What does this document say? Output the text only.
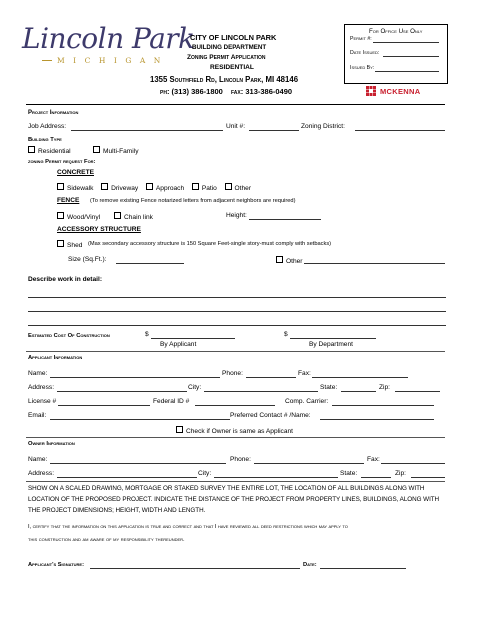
Lincoln Park
MICHIGAN
CITY OF LINCOLN PARK
BUILDING DEPARTMENT
Zoning Permit Application
RESIDENTIAL
1355 Southfield Rd, Lincoln Park, MI 48146
ph: (313) 386-1800 fax: 313-386-0490
For Office Use Only
Permit #:
Date Issued:
Issued By:
MCKENNA
Project Information
Job Address:	Unit #:	Zoning District:
Building Type
Residential	Multi-Family
zoning Permit request For:
CONCRETE
Sidewalk	Driveway	Approach	Patio	Other
FENCE (To remove existing Fence notarized letters from adjacent neighbors are required)
Wood/Vinyl	Chain link	Height:
ACCESSORY STRUCTURE
Shed (Max secondary accessory structure is 150 Square Feet-single story-must comply with setbacks)
Size (Sq.Ft.):	Other
Describe work in detail:
Estimated Cost Of Construction	$	$
By Applicant	By Department
Applicant Information
Name:	Phone:	Fax:
Address:	City:	State:	Zip:
License #	Federal ID #	Comp. Carrier:
Email:	Preferred Contact # /Name:
Check if Owner is same as Applicant
Owner Information
Name:	Phone:	Fax:
Address:	City:	State:	Zip:
SHOW ON A SCALED DRAWING, MORTGAGE OR STAKED SURVEY THE ENTIRE LOT, THE LOCATION OF ALL BUILDINGS ALONG WITH
LOCATION OF THE PROPOSED PROJECT. INDICATE THE DISTANCE OF THE PROJECT FROM PROPERTY LINES, BUILDINGS, ALONG WITH
THE PROJECT DIMENSIONS; HEIGHT, WIDTH AND LENGTH.
I, certify that the information on this application is true and correct and that I have reviewed all deed restrictions which may apply to
this construction and am aware of my responsibility thereunder.
Applicant's Signature:	Date:
